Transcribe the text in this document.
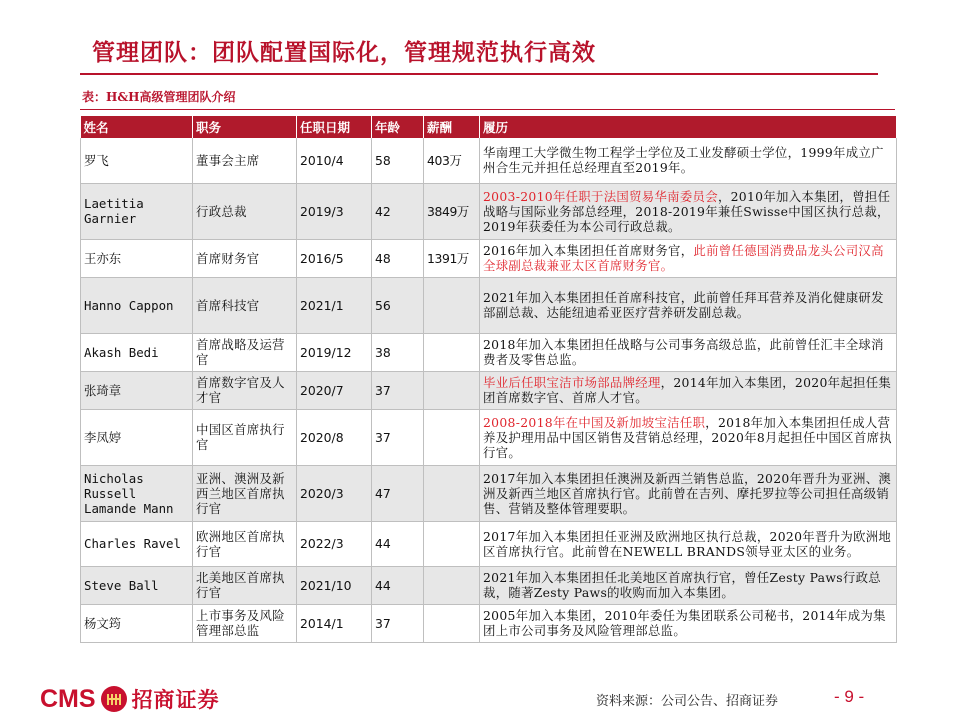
管理团队：团队配置国际化，管理规范执行高效
表：H&H高级管理团队介绍
姓名	职务	任职日期	年龄	薪酬	履历
罗飞	董事会主席	2010/4	58	403万	华南理工大学微生物工程学士学位及工业发酵硕士学位，1999年成立广州合生元并担任总经理直至2019年。
Laetitia
Garnier	行政总裁	2019/3	42	3849万	2003-2010年任职于法国贸易华南委员会，2010年加入本集团，曾担任战略与国际业务部总经理，2018-2019年兼任Swisse中国区执行总裁，2019年获委任为本公司行政总裁。
王亦东	首席财务官	2016/5	48	1391万	2016年加入本集团担任首席财务官，此前曾任德国消费品龙头公司汉高全球副总裁兼亚太区首席财务官。
Hanno Cappon	首席科技官	2021/1	56		2021年加入本集团担任首席科技官，此前曾任拜耳营养及消化健康研发部副总裁、达能纽迪希亚医疗营养研发副总裁。
Akash Bedi	首席战略及运营官	2019/12	38		2018年加入本集团担任战略与公司事务高级总监，此前曾任汇丰全球消费者及零售总监。
张琦章	首席数字官及人才官	2020/7	37		毕业后任职宝洁市场部品牌经理，2014年加入本集团，2020年起担任集团首席数字官、首席人才官。
李凤婷	中国区首席执行官	2020/8	37		2008-2018年在中国及新加坡宝洁任职，2018年加入本集团担任成人营养及护理用品中国区销售及营销总经理，2020年8月起担任中国区首席执行官。
Nicholas
Russell
Lamande Mann	亚洲、澳洲及新西兰地区首席执行官	2020/3	47		2017年加入本集团担任澳洲及新西兰销售总监，2020年晋升为亚洲、澳洲及新西兰地区首席执行官。此前曾在吉列、摩托罗拉等公司担任高级销售、营销及整体管理要职。
Charles Ravel	欧洲地区首席执行官	2022/3	44		2017年加入本集团担任亚洲及欧洲地区执行总裁，2020年晋升为欧洲地区首席执行官。此前曾在NEWELL BRANDS领导亚太区的业务。
Steve Ball	北美地区首席执行官	2021/10	44		2021年加入本集团担任北美地区首席执行官，曾任Zesty Paws行政总裁，随著Zesty Paws的收购而加入本集团。
杨文筠	上市事务及风险管理部总监	2014/1	37		2005年加入本集团，2010年委任为集团联系公司秘书，2014年成为集团上市公司事务及风险管理部总监。
CMS 招商证券	资料来源：公司公告、招商证券	- 9 -
